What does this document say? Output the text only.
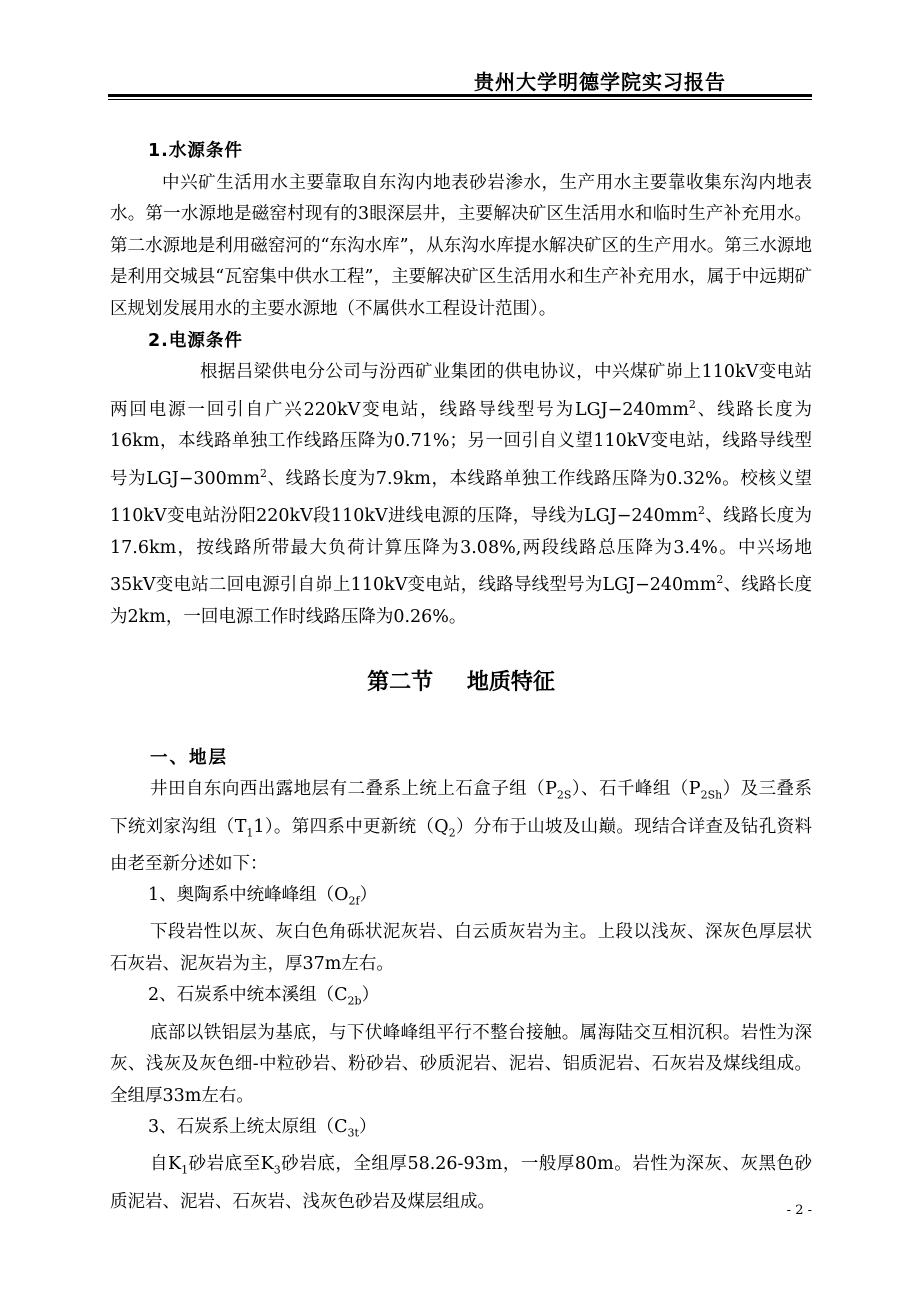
贵州大学明德学院实习报告

1.水源条件

中兴矿生活用水主要靠取自东沟内地表砂岩渗水，生产用水主要靠收集东沟内地表水。第一水源地是磁窑村现有的3眼深层井，主要解决矿区生活用水和临时生产补充用水。第二水源地是利用磁窑河的“东沟水库”，从东沟水库提水解决矿区的生产用水。第三水源地是利用交城县“瓦窑集中供水工程”，主要解决矿区生活用水和生产补充用水，属于中远期矿区规划发展用水的主要水源地（不属供水工程设计范围）。

2.电源条件

根据吕梁供电分公司与汾西矿业集团的供电协议，中兴煤矿峁上110kV变电站两回电源一回引自广兴220kV变电站，线路导线型号为$LGJ-240mm^2$、线路长度为16km，本线路单独工作线路压降为0.71%；另一回引自义望110kV变电站，线路导线型号为$LGJ-300mm^2$、线路长度为7.9km，本线路单独工作线路压降为0.32%。校核义望110kV变电站汾阳220kV段110kV进线电源的压降，导线为$LGJ-240mm^2$、线路长度为17.6km，按线路所带最大负荷计算压降为3.08%,两段线路总压降为3.4%。中兴场地35kV变电站二回电源引自峁上110kV变电站，线路导线型号为$LGJ-240mm^2$、线路长度为2km，一回电源工作时线路压降为0.26%。

第二节 地质特征

一、地层

井田自东向西出露地层有二叠系上统上石盒子组$(P_{2S})$、石千峰组$(P_{2Sh})$及三叠系下统刘家沟组$(T_11)$。第四系中更新统$(Q_2)$分布于山坡及山巅。现结合详查及钻孔资料由老至新分述如下：

1、奥陶系中统峰峰组$(O_{2f})$

下段岩性以灰、灰白色角砾状泥灰岩、白云质灰岩为主。上段以浅灰、深灰色厚层状石灰岩、泥灰岩为主，厚37m左右。

2、石炭系中统本溪组$(C_{2b})$

底部以铁铝层为基底，与下伏峰峰组平行不整台接触。属海陆交互相沉积。岩性为深灰、浅灰及灰色细-中粒砂岩、粉砂岩、砂质泥岩、泥岩、铝质泥岩、石灰岩及煤线组成。全组厚33m左右。

3、石炭系上统太原组$(C_{3t})$

自$K_1$砂岩底至$K_3$砂岩底，全组厚58.26-93m，一般厚80m。岩性为深灰、灰黑色砂质泥岩、泥岩、石灰岩、浅灰色砂岩及煤层组成。	- 2 -
